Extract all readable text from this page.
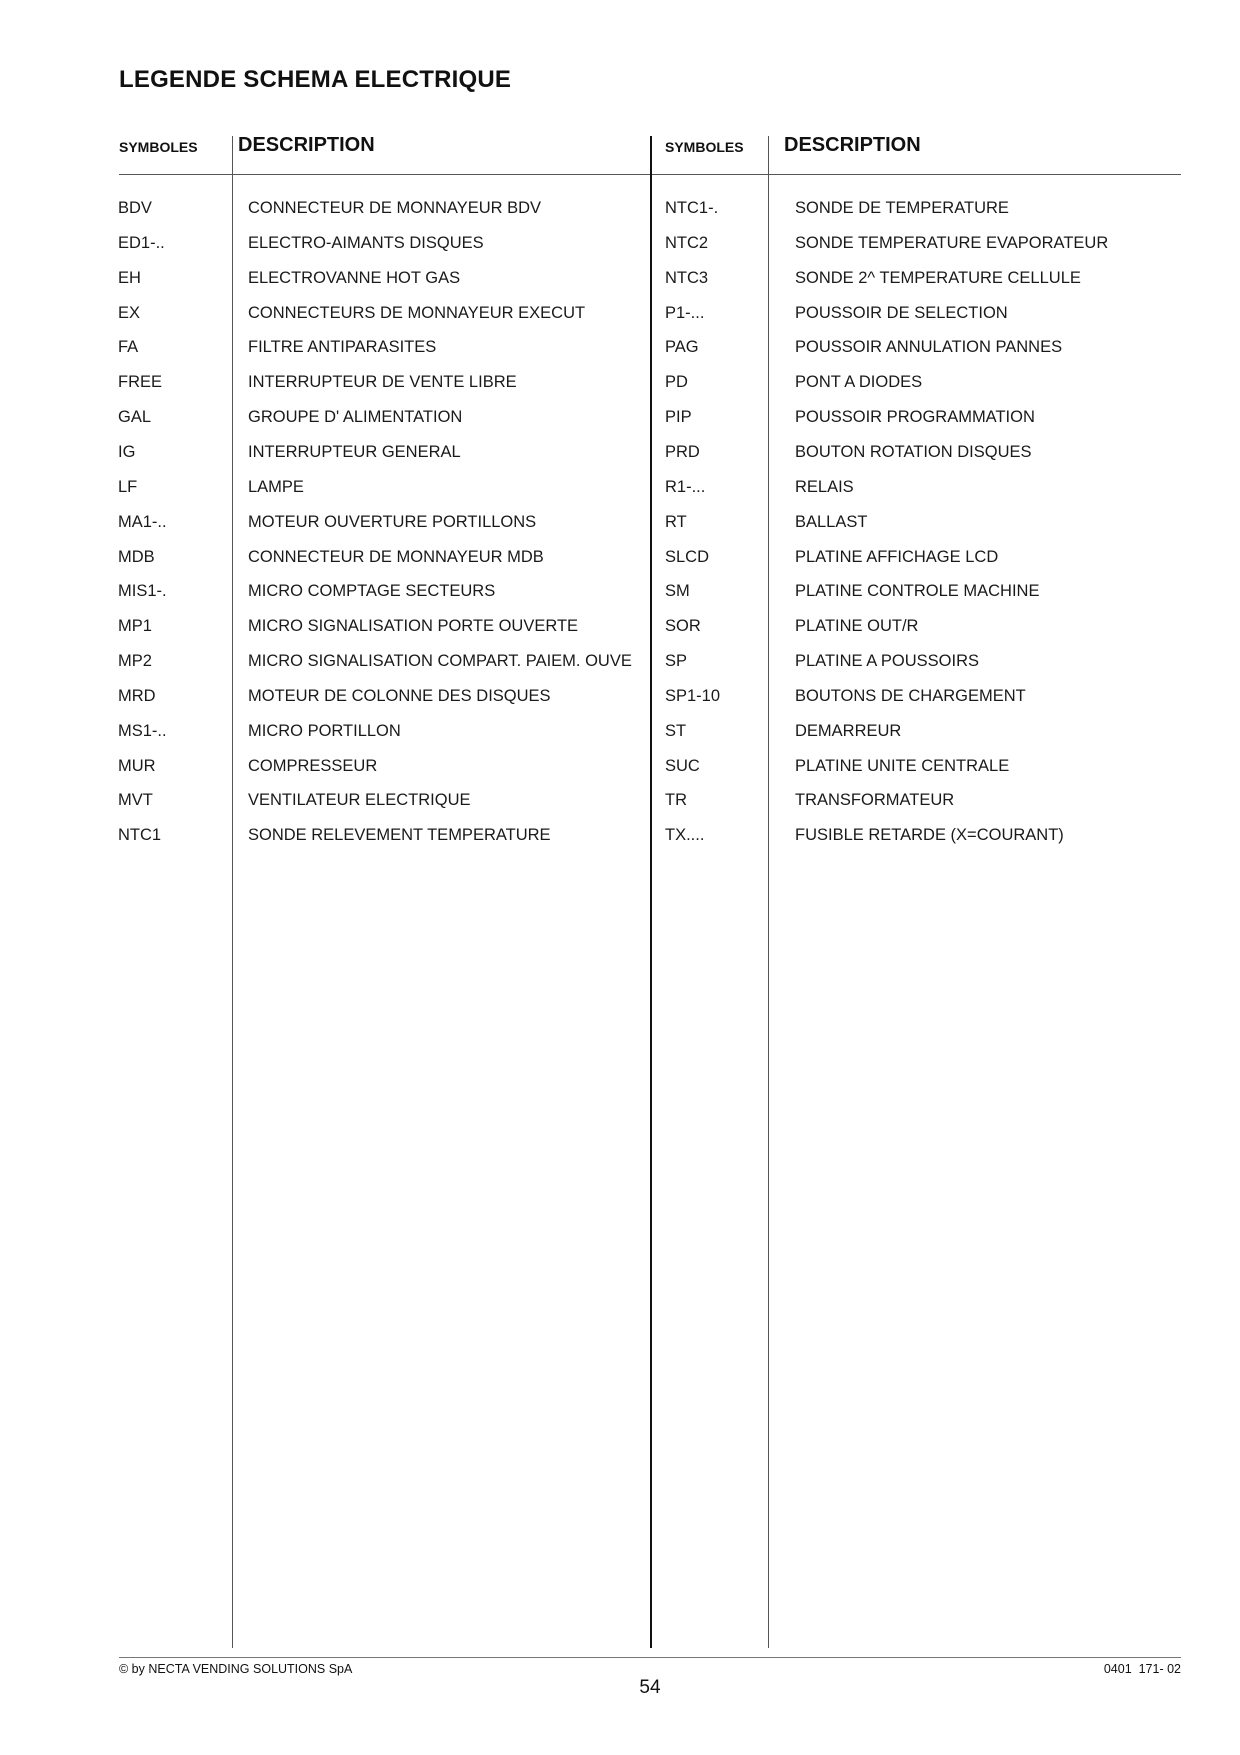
LEGENDE SCHEMA ELECTRIQUE
SYMBOLES DESCRIPTION	SYMBOLES DESCRIPTION
BDV	CONNECTEUR DE MONNAYEUR BDV
ED1-..	ELECTRO-AIMANTS DISQUES
EH	ELECTROVANNE HOT GAS
EX	CONNECTEURS DE MONNAYEUR EXECUT
FA	FILTRE ANTIPARASITES
FREE	INTERRUPTEUR DE VENTE LIBRE
GAL	GROUPE D' ALIMENTATION
IG	INTERRUPTEUR GENERAL
LF	LAMPE
MA1-..	MOTEUR OUVERTURE PORTILLONS
MDB	CONNECTEUR DE MONNAYEUR MDB
MIS1-.	MICRO COMPTAGE SECTEURS
MP1	MICRO SIGNALISATION PORTE OUVERTE
MP2	MICRO SIGNALISATION COMPART. PAIEM. OUVE
MRD	MOTEUR DE COLONNE DES DISQUES
MS1-..	MICRO PORTILLON
MUR	COMPRESSEUR
MVT	VENTILATEUR ELECTRIQUE
NTC1	SONDE RELEVEMENT TEMPERATURE
NTC1-.	SONDE DE TEMPERATURE
NTC2	SONDE TEMPERATURE EVAPORATEUR
NTC3	SONDE 2^ TEMPERATURE CELLULE
P1-...	POUSSOIR DE SELECTION
PAG	POUSSOIR ANNULATION PANNES
PD	PONT A DIODES
PIP	POUSSOIR PROGRAMMATION
PRD	BOUTON ROTATION DISQUES
R1-...	RELAIS
RT	BALLAST
SLCD	PLATINE AFFICHAGE LCD
SM	PLATINE CONTROLE MACHINE
SOR	PLATINE OUT/R
SP	PLATINE A POUSSOIRS
SP1-10	BOUTONS DE CHARGEMENT
ST	DEMARREUR
SUC	PLATINE UNITE CENTRALE
TR	TRANSFORMATEUR
TX....	FUSIBLE RETARDE (X=COURANT)
© by NECTA VENDING SOLUTIONS SpA	0401  171- 02
54
